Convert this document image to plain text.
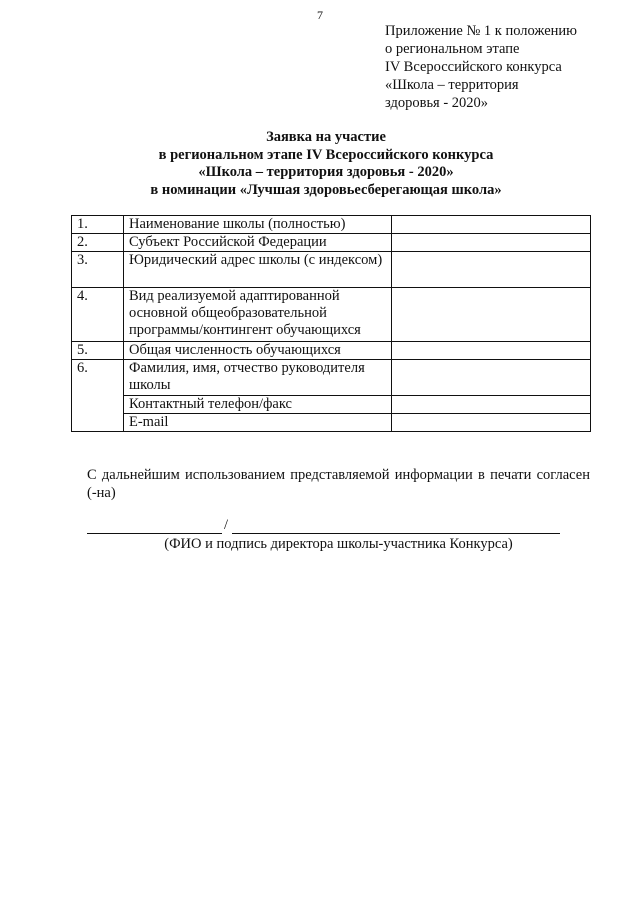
7
Приложение № 1 к положению
о региональном этапе
IV Всероссийского конкурса
«Школа – территория
здоровья - 2020»
Заявка на участие
в региональном этапе IV Всероссийского конкурса
«Школа – территория здоровья - 2020»
в номинации «Лучшая здоровьесберегающая школа»
1.	Наименование школы (полностью)	
2.	Субъект Российской Федерации	
3.	Юридический адрес школы (с индексом)	
4.	Вид реализуемой адаптированной основной общеобразовательной программы/контингент обучающихся	
5.	Общая численность обучающихся	
6.	Фамилия, имя, отчество руководителя школы	
	Контактный телефон/факс	
	E-mail	
С дальнейшим использованием представляемой информации в печати согласен (-на)
/
(ФИО и подпись директора школы-участника Конкурса)
